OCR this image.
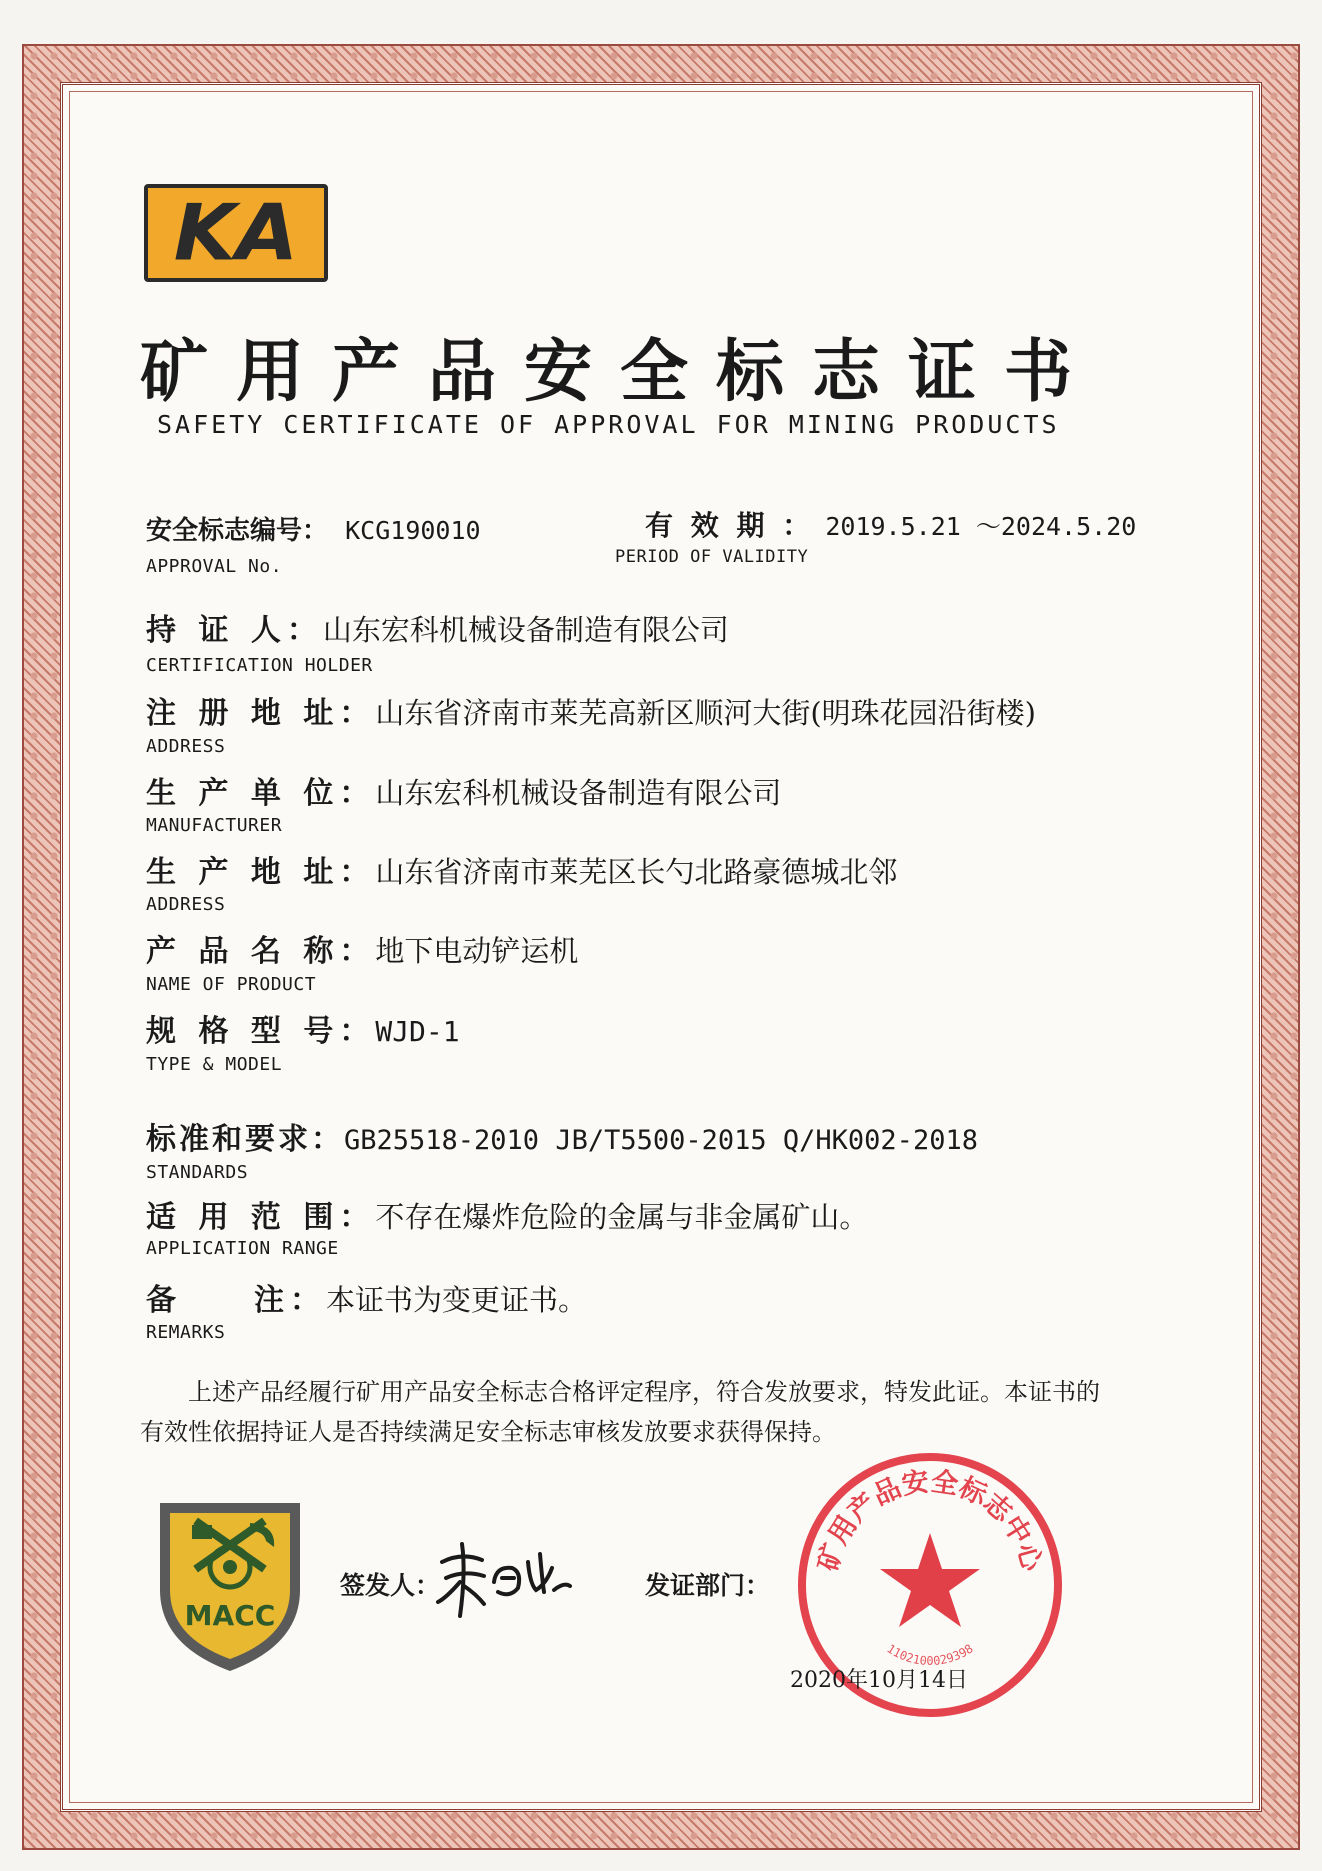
KA
矿用产品安全标志证书
SAFETY CERTIFICATE OF APPROVAL FOR MINING PRODUCTS
安全标志编号： KCG190010
APPROVAL No.
有 效 期 ： 2019.5.21 ～2024.5.20
PERIOD OF VALIDITY
持 证 人：山东宏科机械设备制造有限公司
CERTIFICATION HOLDER
注 册 地 址：山东省济南市莱芜高新区顺河大街(明珠花园沿街楼)
ADDRESS
生 产 单 位：山东宏科机械设备制造有限公司
MANUFACTURER
生 产 地 址：山东省济南市莱芜区长勺北路豪德城北邻
ADDRESS
产 品 名 称：地下电动铲运机
NAME OF PRODUCT
规 格 型 号：WJD-1
TYPE & MODEL
标准和要求：GB25518-2010 JB/T5500-2015 Q/HK002-2018
STANDARDS
适 用 范 围：不存在爆炸危险的金属与非金属矿山。
APPLICATION RANGE
备　　注：本证书为变更证书。
REMARKS
上述产品经履行矿用产品安全标志合格评定程序，符合发放要求，特发此证。本证书的有效性依据持证人是否持续满足安全标志审核发放要求获得保持。
MACC
签发人：	发证部门：
矿用产品安全标志中心
1102100029398
2020年10月14日
